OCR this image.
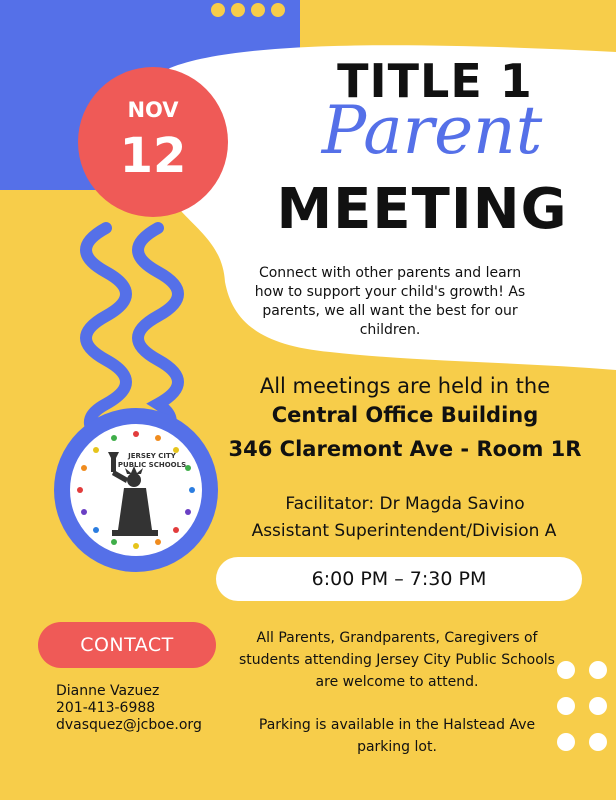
JERSEY CITY
PUBLIC SCHOOLS
NOV
12
TITLE 1
Parent
MEETING
Connect with other parents and learn how to support your child's growth! As parents, we all want the best for our children.
All meetings are held in the
Central Office Building
346 Claremont Ave - Room 1R
Facilitator: Dr Magda Savino
Assistant Superintendent/Division A
6:00 PM – 7:30 PM
CONTACT
Dianne Vazuez
201-413-6988
dvasquez@jcboe.org
All Parents, Grandparents, Caregivers of students attending Jersey City Public Schools are welcome to attend.
Parking is available in the Halstead Ave parking lot.
